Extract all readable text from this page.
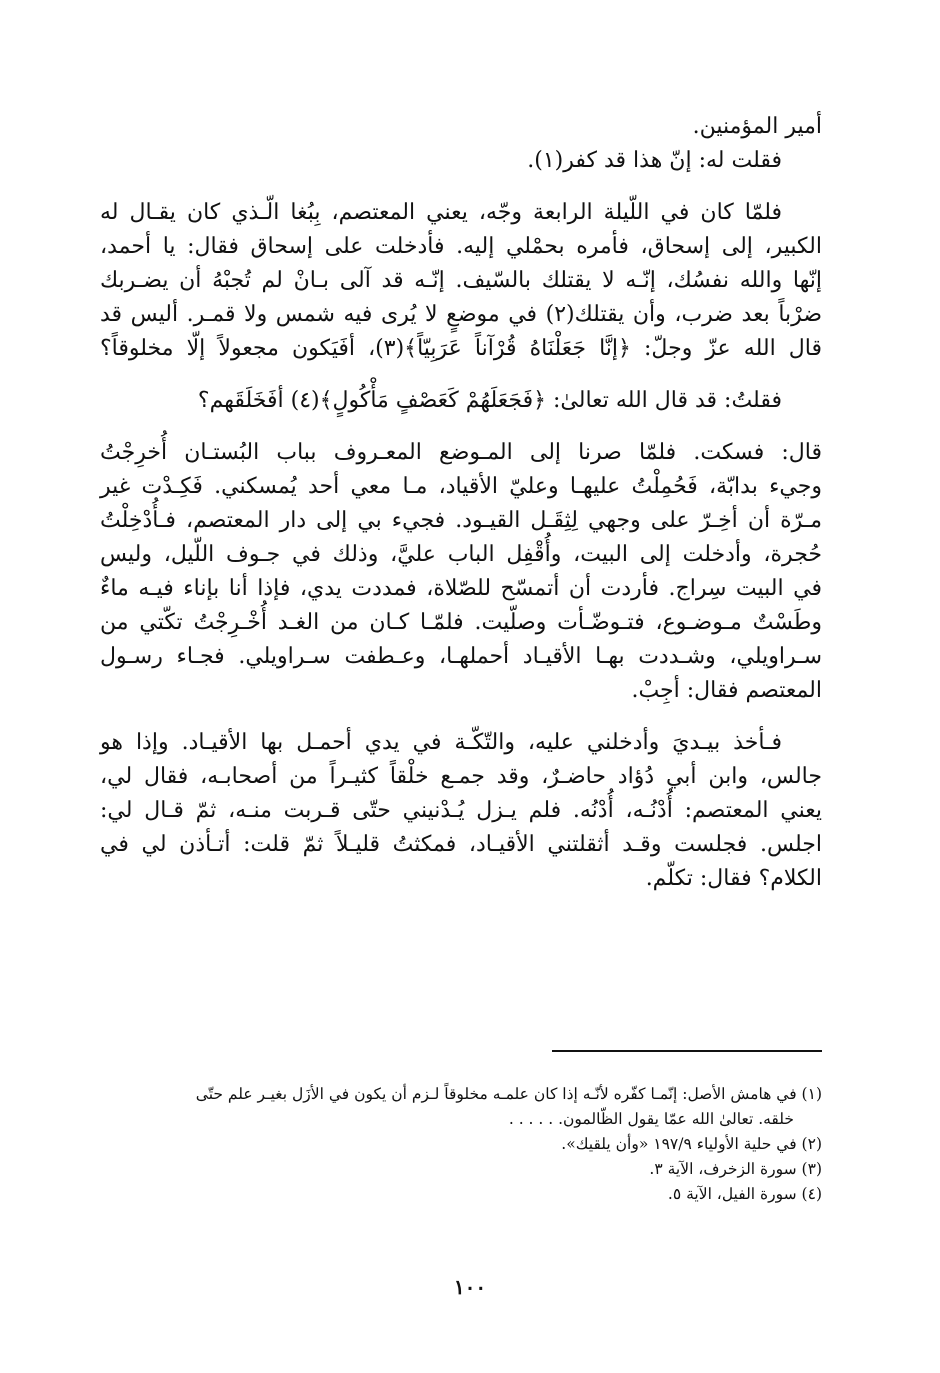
أمير المؤمنين.
فقلت له: إنّ هذا قد كفر(١).
فلمّا كان في اللّيلة الرابعة وجّه، يعني المعتصم، بِبُغا الّـذي كان يقـال له
الكبير، إلى إسحاق، فأمره بحمْلي إليه. فأدخلت على إسحاق فقال: يا أحمد،
إنّها والله نفسُك، إنّـه لا يقتلك بالسّيف. إنّـه قد آلى بـانْ لم تُجبْهُ أن يضـربك
ضرْباً بعد ضرب، وأن يقتلك(٢) في موضعٍ لا يُرى فيه شمس ولا قمـر. أليس قد
قال الله عزّ وجلّ: ﴿إنَّا جَعَلْنَاهُ قُرْآناً عَرَبِيّاً﴾(٣)، أفَيَكون مجعولاً إلّا مخلوقاً؟
فقلتُ: قد قال الله تعالىٰ: ﴿فَجَعَلَهُمْ كَعَصْفٍ مَأْكُولٍ﴾(٤) أفَخَلَقَهم؟
قال: فسكت. فلمّا صرنا إلى المـوضع المعـروف بباب البُستـان أُخرِجْتُ
وجيء بدابّة، فَحُمِلْتُ عليهـا وعليّ الأقياد، مـا معي أحد يُمسكني. فَكِـدْت غير
مـرّة أن أخِـرّ على وجهي لِثِقَـل القيـود. فجيء بي إلى دار المعتصم، فـأُدْخِلْتُ
حُجرة، وأدخلت إلى البيت، وأُقْفِل الباب عليَّ، وذلك في جـوف اللّيل، وليس
في البيت سِراج. فأردت أن أتمسّح للصّلاة، فمددت يدي، فإذا أنا بإناء فيـه ماءٌ
وطَسْتٌ مـوضـوع، فتـوضّـأت وصلّيت. فلمّـا كـان من الغـد أُخْـرِجْتُ تكّتي من
سـراويلي، وشـددت بهـا الأقيـاد أحملهـا، وعـطفت سـراويلي. فجـاء رسـول
المعتصم فقال: أجِبْ.
فـأخذ بيـديَ وأدخلني عليه، والتّكّـة في يدي أحمـل بها الأقيـاد. وإذا هو
جالس، وابن أبي دُؤاد حاضـرٌ، وقد جمـع خلْقاً كثيـراً من أصحابـه، فقال لي،
يعني المعتصم: أُدْنُـه، أُدْنُه. فلم يـزل يُـدْنيني حتّى قـربت منـه، ثمّ قـال لي:
اجلس. فجلست وقـد أثقلتني الأقيـاد، فمكثتُ قليـلاً ثمّ قلت: أتـأذن لي في
الكلام؟ فقال: تكلّم.
(١) في هامش الأصل: إنّمـا كفّره لأنّـه إذا كان علمـه مخلوقاً لـزم أن يكون في الأزَل بغيـر علم حتّى
خلقه. تعالىٰ الله عمّا يقول الظّالمون. . . . . .
(٢) في حلية الأولياء ١٩٧/٩ «وأن يلقيك».
(٣) سورة الزخرف، الآية ٣.
(٤) سورة الفيل، الآية ٥.
١٠٠
